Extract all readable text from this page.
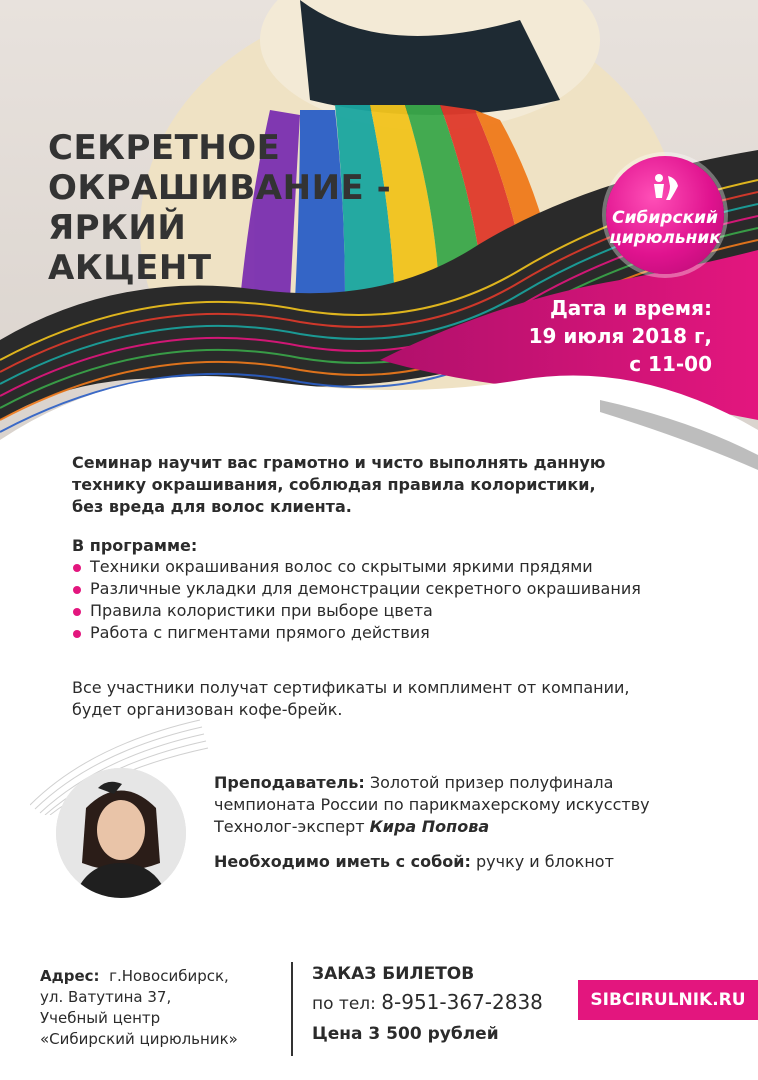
СЕКРЕТНОЕ
ОКРАШИВАНИЕ -
ЯРКИЙ
АКЦЕНТ
Сибирский
цирюльник
Дата и время:
19 июля 2018 г,
с 11-00
Семинар научит вас грамотно и чисто выполнять данную
технику окрашивания, соблюдая правила колористики,
без вреда для волос клиента.
В программе:
Техники окрашивания волос со скрытыми яркими прядями
Различные укладки для демонстрации секретного окрашивания
Правила колористики при выборе цвета
Работа с пигментами прямого действия
Все участники получат сертификаты и комплимент от компании,
будет организован кофе-брейк.
Преподаватель: Золотой призер полуфинала
чемпионата России по парикмахерскому искусству
Технолог-эксперт Кира Попова
Необходимо иметь с собой: ручку и блокнот
Адрес: г.Новосибирск,
ул. Ватутина 37,
Учебный центр
«Сибирский цирюльник»
ЗАКАЗ БИЛЕТОВ
по тел: 8-951-367-2838
Цена 3 500 рублей
SIBCIRULNIK.RU
